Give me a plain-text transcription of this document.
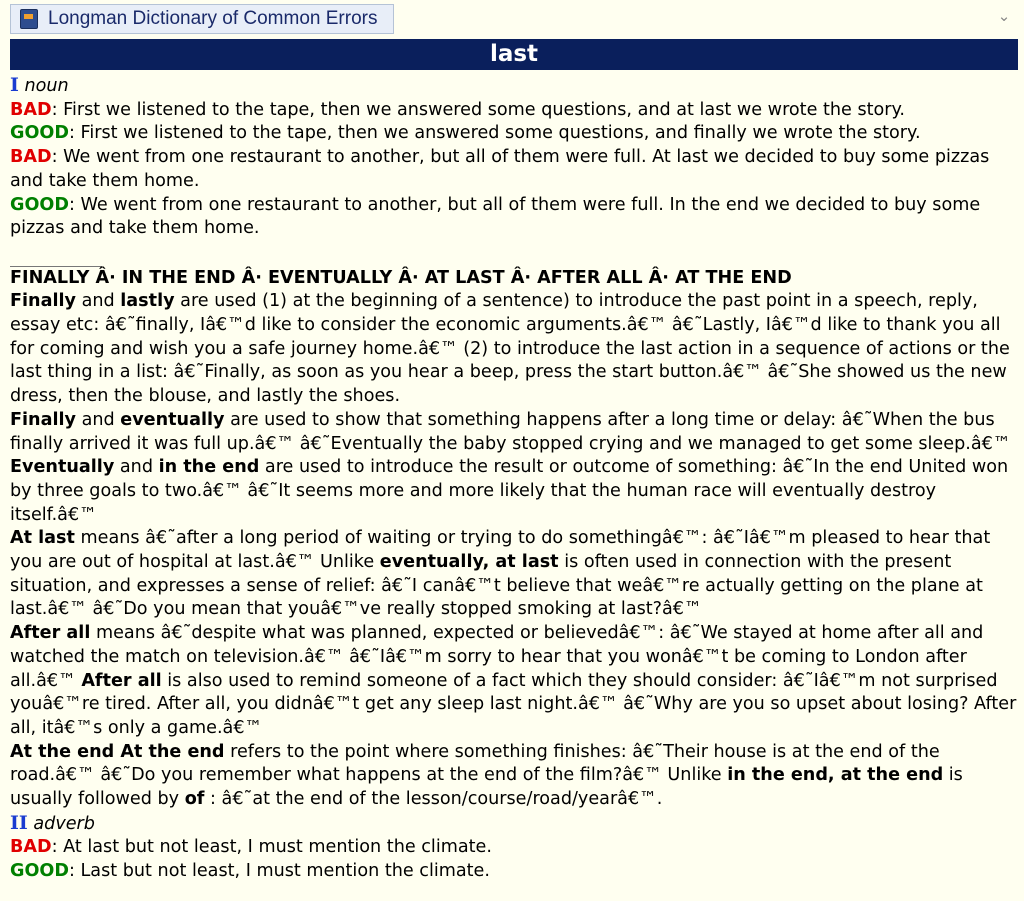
Longman Dictionary of Common Errors	⌄
last

I noun

BAD: First we listened to the tape, then we answered some questions, and at last we wrote the story.

GOOD: First we listened to the tape, then we answered some questions, and finally we wrote the story.

BAD: We went from one restaurant to another, but all of them were full. At last we decided to buy some pizzas and take them home.

GOOD: We went from one restaurant to another, but all of them were full. In the end we decided to buy some pizzas and take them home.

FINALLY Â· IN THE END Â· EVENTUALLY Â· AT LAST Â· AFTER ALL Â· AT THE END

Finally and lastly are used (1) at the beginning of a sentence) to introduce the past point in a speech, reply, essay etc: â€˜finally, Iâ€™d like to consider the economic arguments.â€™ â€˜Lastly, Iâ€™d like to thank you all for coming and wish you a safe journey home.â€™ (2) to introduce the last action in a sequence of actions or the last thing in a list: â€˜Finally, as soon as you hear a beep, press the start button.â€™ â€˜She showed us the new dress, then the blouse, and lastly the shoes.

Finally and eventually are used to show that something happens after a long time or delay: â€˜When the bus finally arrived it was full up.â€™ â€˜Eventually the baby stopped crying and we managed to get some sleep.â€™

Eventually and in the end are used to introduce the result or outcome of something: â€˜In the end United won by three goals to two.â€™ â€˜It seems more and more likely that the human race will eventually destroy itself.â€™

At last means â€˜after a long period of waiting or trying to do somethingâ€™: â€˜Iâ€™m pleased to hear that you are out of hospital at last.â€™ Unlike eventually, at last is often used in connection with the present situation, and expresses a sense of relief: â€˜I canâ€™t believe that weâ€™re actually getting on the plane at last.â€™ â€˜Do you mean that youâ€™ve really stopped smoking at last?â€™

After all means â€˜despite what was planned, expected or believedâ€™: â€˜We stayed at home after all and watched the match on television.â€™ â€˜Iâ€™m sorry to hear that you wonâ€™t be coming to London after all.â€™ After all is also used to remind someone of a fact which they should consider: â€˜Iâ€™m not surprised youâ€™re tired. After all, you didnâ€™t get any sleep last night.â€™ â€˜Why are you so upset about losing? After all, itâ€™s only a game.â€™

At the end At the end refers to the point where something finishes: â€˜Their house is at the end of the road.â€™ â€˜Do you remember what happens at the end of the film?â€™ Unlike in the end, at the end is usually followed by of : â€˜at the end of the lesson/course/road/yearâ€™.

II adverb

BAD: At last but not least, I must mention the climate.

GOOD: Last but not least, I must mention the climate.
